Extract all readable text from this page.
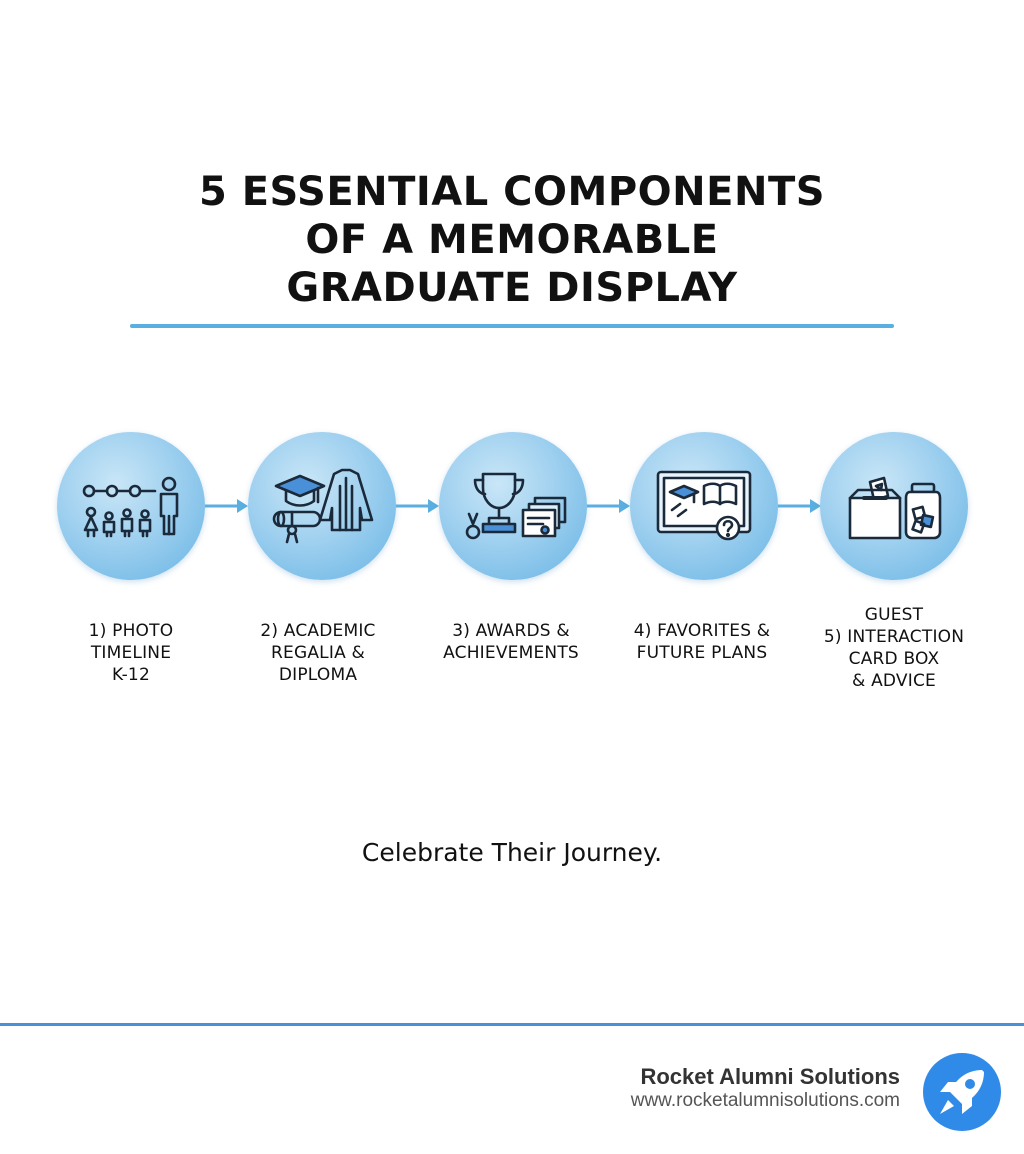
5 ESSENTIAL COMPONENTS
OF A MEMORABLE
GRADUATE DISPLAY
1) PHOTO
TIMELINE
K-12
2) ACADEMIC
REGALIA &
DIPLOMA
3) AWARDS &
ACHIEVEMENTS
4) FAVORITES &
FUTURE PLANS
GUEST
5) INTERACTION
CARD BOX
& ADVICE
Celebrate Their Journey.
Rocket Alumni Solutions
www.rocketalumnisolutions.com
